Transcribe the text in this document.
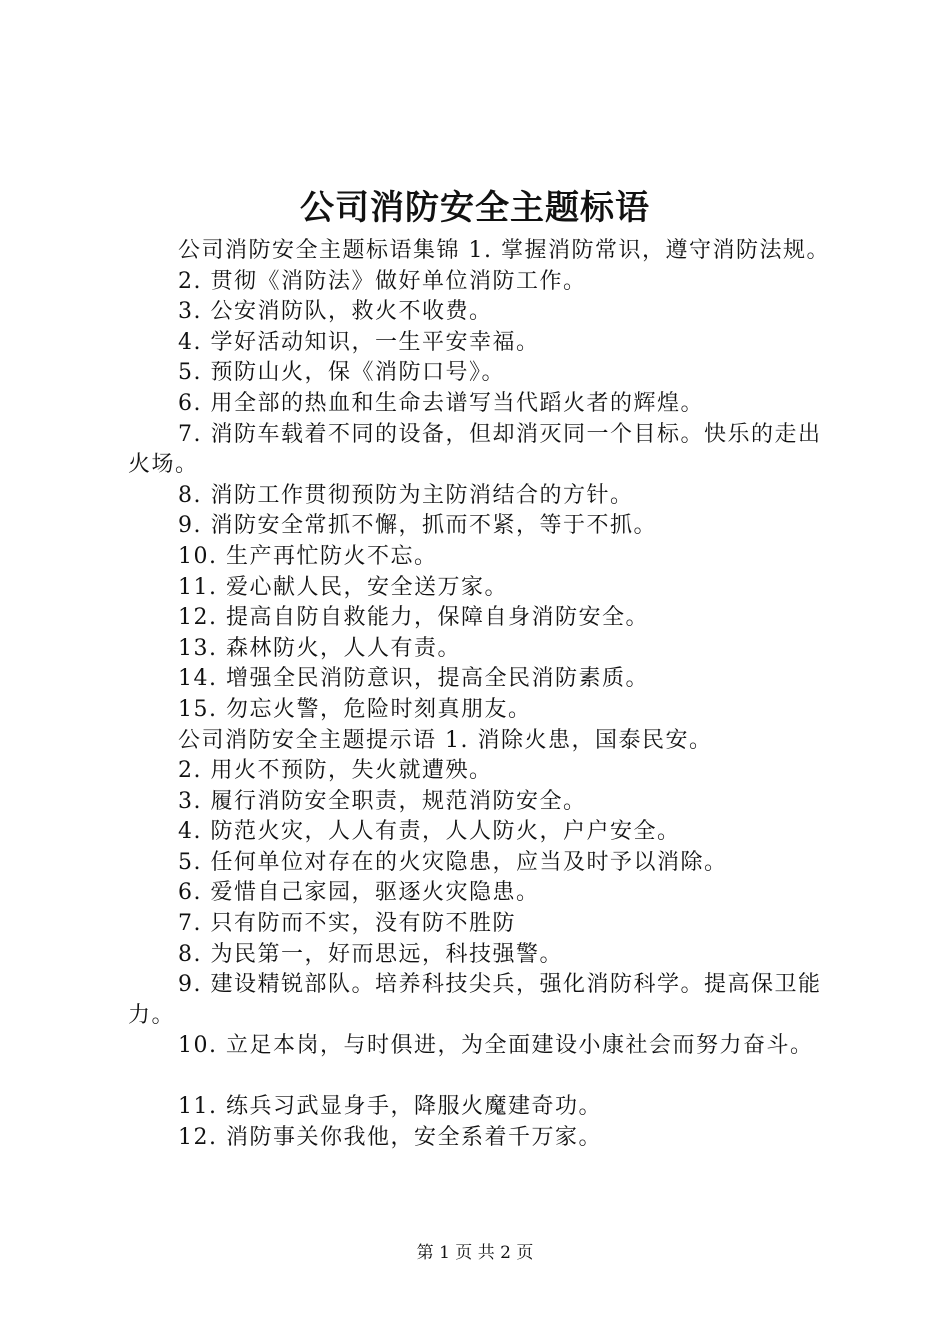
公司消防安全主题标语

公司消防安全主题标语集锦 1. 掌握消防常识，遵守消防法规。

2. 贯彻《消防法》做好单位消防工作。

3. 公安消防队，救火不收费。

4. 学好活动知识，一生平安幸福。

5. 预防山火，保《消防口号》。

6. 用全部的热血和生命去谱写当代蹈火者的辉煌。

7. 消防车载着不同的设备，但却消灭同一个目标。快乐的走出火场。

8. 消防工作贯彻预防为主防消结合的方针。

9. 消防安全常抓不懈，抓而不紧，等于不抓。

10. 生产再忙防火不忘。

11. 爱心献人民，安全送万家。

12. 提高自防自救能力，保障自身消防安全。

13. 森林防火，人人有责。

14. 增强全民消防意识，提高全民消防素质。

15. 勿忘火警，危险时刻真朋友。

公司消防安全主题提示语 1. 消除火患，国泰民安。

2. 用火不预防，失火就遭殃。

3. 履行消防安全职责，规范消防安全。

4. 防范火灾，人人有责，人人防火，户户安全。

5. 任何单位对存在的火灾隐患，应当及时予以消除。

6. 爱惜自己家园，驱逐火灾隐患。

7. 只有防而不实，没有防不胜防

8. 为民第一，好而思远，科技强警。

9. 建设精锐部队。培养科技尖兵，强化消防科学。提高保卫能力。

10. 立足本岗，与时俱进，为全面建设小康社会而努力奋斗。

11. 练兵习武显身手，降服火魔建奇功。

12. 消防事关你我他，安全系着千万家。

第 1 页 共 2 页
